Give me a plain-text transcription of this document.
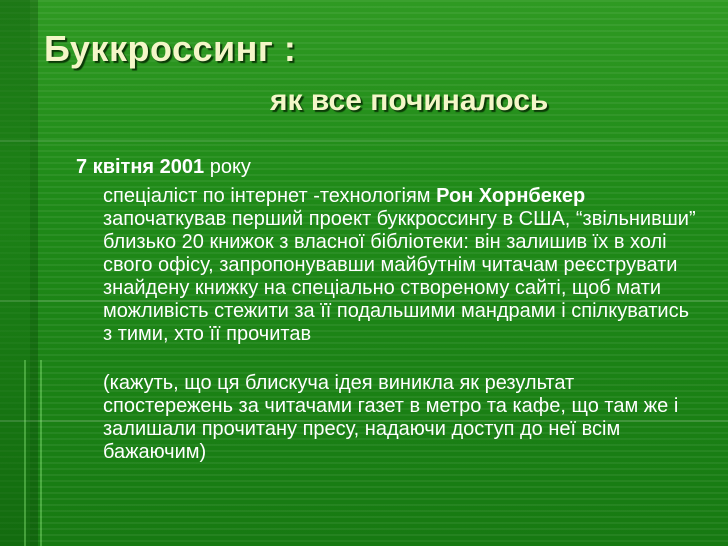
Буккроссинг :
як все починалось

7 квітня 2001 року

спеціаліст по інтернет -технологіям Рон Хорнбекер започаткував перший проект буккроссингу в США, “звільнивши” близько 20 книжок з власної бібліотеки: він залишив їх в холі свого офісу, запропонувавши майбутнім читачам реєструвати знайдену книжку на спеціально створеному сайті, щоб мати можливість стежити за її подальшими мандрами і спілкуватись з тими, хто її прочитав

(кажуть, що ця блискуча ідея виникла як результат спостережень за читачами газет в метро та кафе, що там же і залишали прочитану пресу, надаючи доступ до неї всім бажаючим)
